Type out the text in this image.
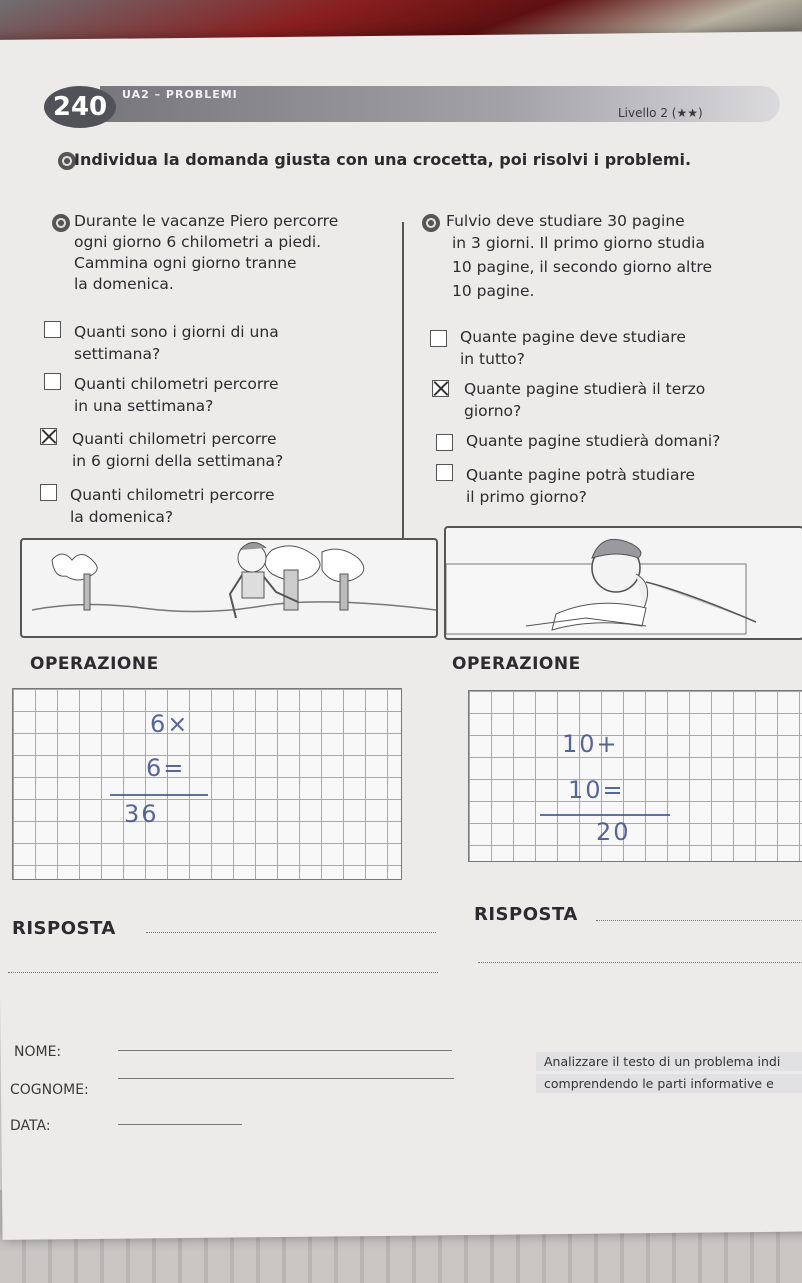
240	UA2 – PROBLEMI
Livello 2 (★★)
Individua la domanda giusta con una crocetta, poi risolvi i problemi.
Durante le vacanze Piero percorre
ogni giorno 6 chilometri a piedi.
Cammina ogni giorno tranne
la domenica.
Quanti sono i giorni di una
settimana?
Quanti chilometri percorre
in una settimana?
Quanti chilometri percorre
in 6 giorni della settimana?
Quanti chilometri percorre
la domenica?
OPERAZIONE
6×
6=
36
RISPOSTA
Fulvio deve studiare 30 pagine
in 3 giorni. Il primo giorno studia
10 pagine, il secondo giorno altre
10 pagine.
Quante pagine deve studiare
in tutto?
Quante pagine studierà il terzo
giorno?
Quante pagine studierà domani?
Quante pagine potrà studiare
il primo giorno?
OPERAZIONE
10+
10=
20
RISPOSTA
NOME:
COGNOME:
DATA:
Analizzare il testo di un problema indi
comprendendo le parti informative e
